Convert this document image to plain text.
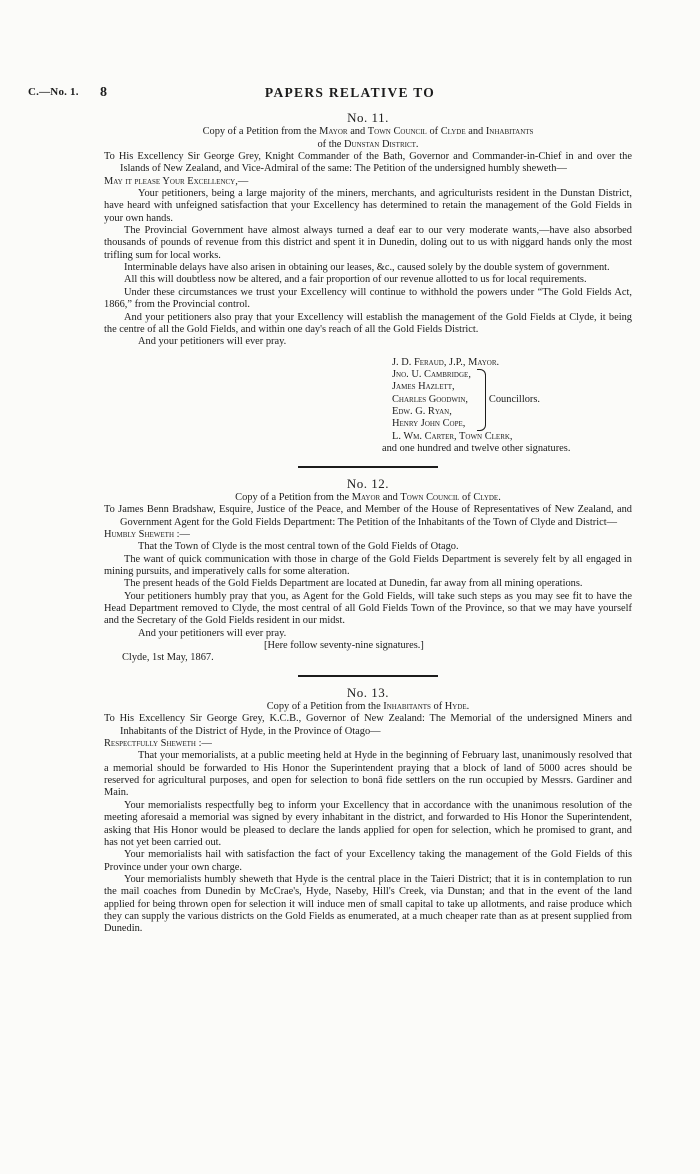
C.—No. 1. 8	PAPERS RELATIVE TO
No. 11.
Copy of a Petition from the Mayor and Town Council of Clyde and Inhabitants
of the Dunstan District.

To His Excellency Sir George Grey, Knight Commander of the Bath, Governor and Commander-in-Chief in and over the Islands of New Zealand, and Vice-Admiral of the same: The Petition of the undersigned humbly sheweth—

May it please Your Excellency,—

Your petitioners, being a large majority of the miners, merchants, and agriculturists resident in the Dunstan District, have heard with unfeigned satisfaction that your Excellency has determined to retain the management of the Gold Fields in your own hands.

The Provincial Government have almost always turned a deaf ear to our very moderate wants,—have also absorbed thousands of pounds of revenue from this district and spent it in Dunedin, doling out to us with niggard hands only the most trifling sum for local works.

Interminable delays have also arisen in obtaining our leases, &c., caused solely by the double system of government.

All this will doubtless now be altered, and a fair proportion of our revenue allotted to us for local requirements.

Under these circumstances we trust your Excellency will continue to withhold the powers under “The Gold Fields Act, 1866,” from the Provincial control.

And your petitioners also pray that your Excellency will establish the management of the Gold Fields at Clyde, it being the centre of all the Gold Fields, and within one day's reach of all the Gold Fields District.

And your petitioners will ever pray.

J. D. Feraud, J.P., Mayor.

Jno. U. Cambridge,
James Hazlett,
Charles Goodwin,
Edw. G. Ryan,
Henry John Cope,
Councillors.

L. Wm. Carter, Town Clerk,

and one hundred and twelve other signatures.

No. 12.
Copy of a Petition from the Mayor and Town Council of Clyde.

To James Benn Bradshaw, Esquire, Justice of the Peace, and Member of the House of Representatives of New Zealand, and Government Agent for the Gold Fields Department: The Petition of the Inhabitants of the Town of Clyde and District—

Humbly Sheweth :—

That the Town of Clyde is the most central town of the Gold Fields of Otago.

The want of quick communication with those in charge of the Gold Fields Department is severely felt by all engaged in mining pursuits, and imperatively calls for some alteration.

The present heads of the Gold Fields Department are located at Dunedin, far away from all mining operations.

Your petitioners humbly pray that you, as Agent for the Gold Fields, will take such steps as you may see fit to have the Head Department removed to Clyde, the most central of all Gold Fields Town of the Province, so that we may have yourself and the Secretary of the Gold Fields resident in our midst.

And your petitioners will ever pray.

[Here follow seventy-nine signatures.]

Clyde, 1st May, 1867.

No. 13.
Copy of a Petition from the Inhabitants of Hyde.

To His Excellency Sir George Grey, K.C.B., Governor of New Zealand: The Memorial of the undersigned Miners and Inhabitants of the District of Hyde, in the Province of Otago—

Respectfully Sheweth :—

That your memorialists, at a public meeting held at Hyde in the beginning of February last, unanimously resolved that a memorial should be forwarded to His Honor the Superintendent praying that a block of land of 5000 acres should be reserved for agricultural purposes, and open for selection to bonâ fide settlers on the run occupied by Messrs. Gardiner and Main.

Your memorialists respectfully beg to inform your Excellency that in accordance with the unanimous resolution of the meeting aforesaid a memorial was signed by every inhabitant in the district, and forwarded to His Honor the Superintendent, asking that His Honor would be pleased to declare the lands applied for open for selection, which he promised to grant, and has not yet been carried out.

Your memorialists hail with satisfaction the fact of your Excellency taking the management of the Gold Fields of this Province under your own charge.

Your memorialists humbly sheweth that Hyde is the central place in the Taieri District; that it is in contemplation to run the mail coaches from Dunedin by McCrae's, Hyde, Naseby, Hill's Creek, via Dunstan; and that in the event of the land applied for being thrown open for selection it will induce men of small capital to take up allotments, and raise produce which they can supply the various districts on the Gold Fields as enumerated, at a much cheaper rate than as at present supplied from Dunedin.
